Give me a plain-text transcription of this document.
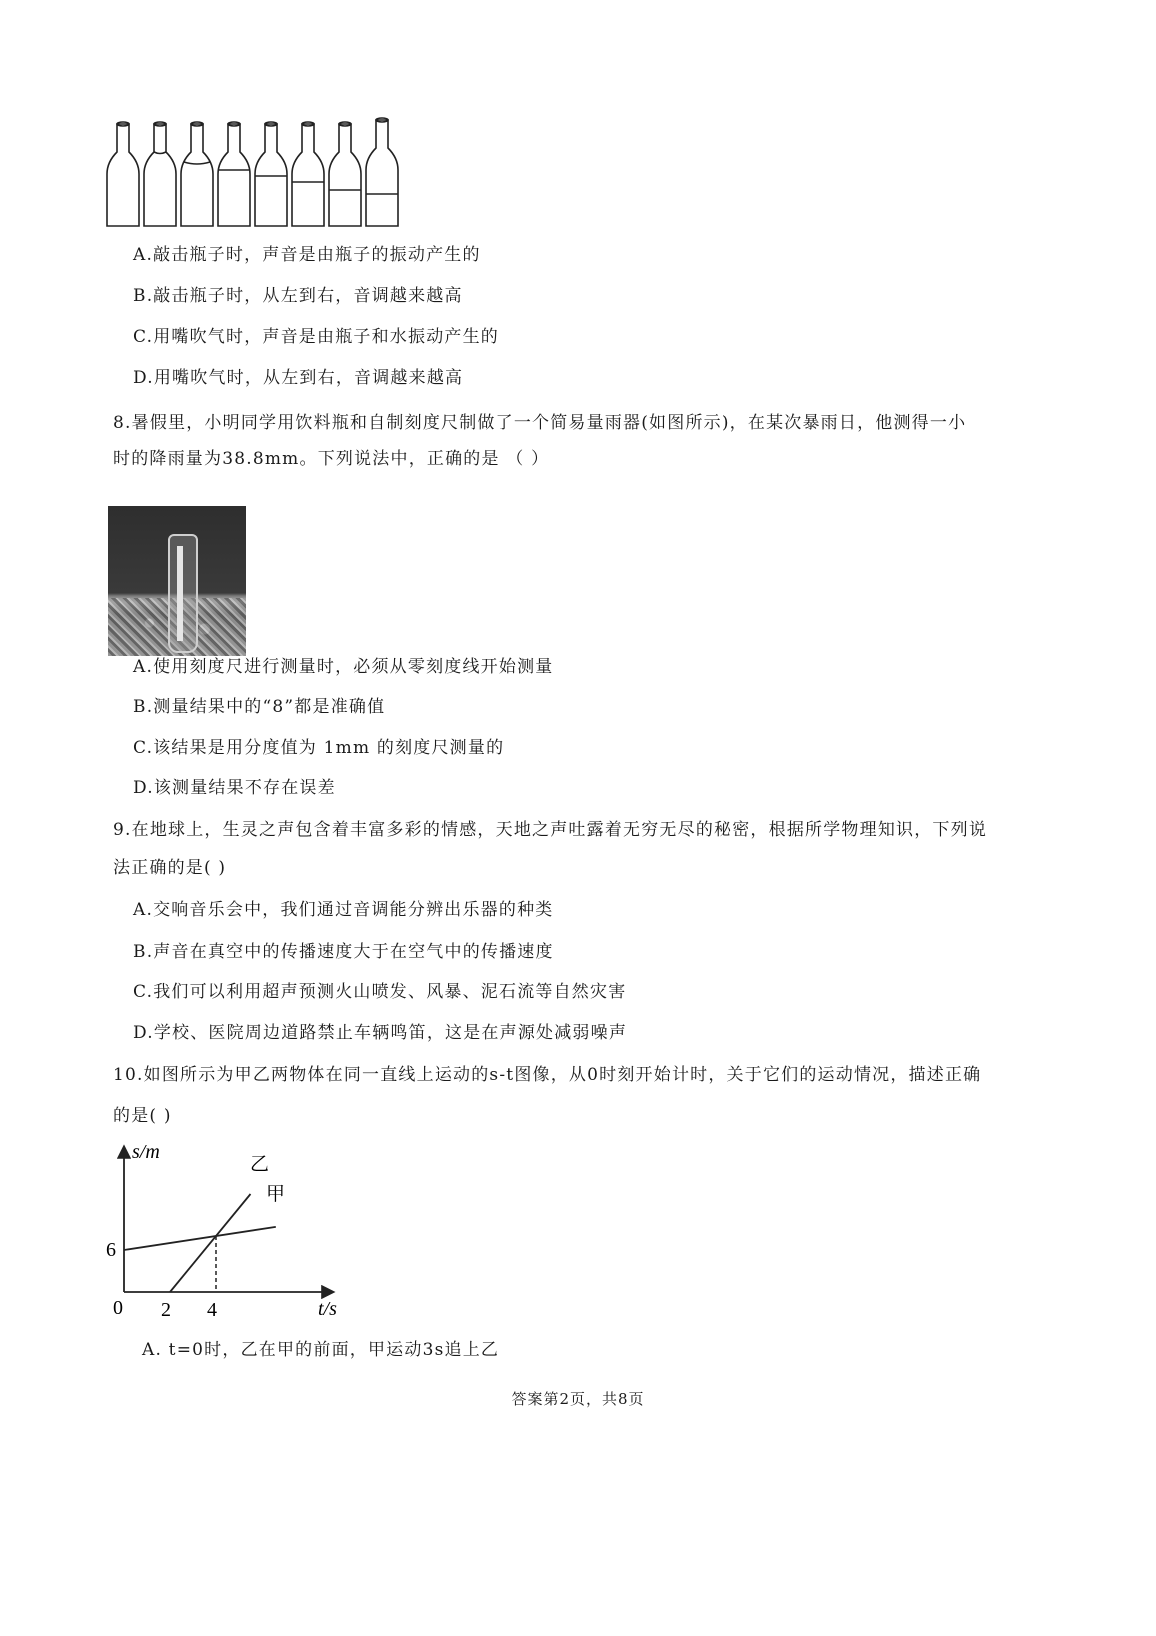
A.敲击瓶子时，声音是由瓶子的振动产生的
B.敲击瓶子时，从左到右，音调越来越高
C.用嘴吹气时，声音是由瓶子和水振动产生的
D.用嘴吹气时，从左到右，音调越来越高
8.暑假里，小明同学用饮料瓶和自制刻度尺制做了一个简易量雨器(如图所示)，在某次暴雨日，他测得一小
时的降雨量为38.8mm。下列说法中，正确的是 （ ）
A.使用刻度尺进行测量时，必须从零刻度线开始测量
B.测量结果中的“8”都是准确值
C.该结果是用分度值为 1mm 的刻度尺测量的
D.该测量结果不存在误差
9.在地球上，生灵之声包含着丰富多彩的情感，天地之声吐露着无穷无尽的秘密，根据所学物理知识，下列说
法正确的是( )
A.交响音乐会中，我们通过音调能分辨出乐器的种类
B.声音在真空中的传播速度大于在空气中的传播速度
C.我们可以利用超声预测火山喷发、风暴、泥石流等自然灾害
D.学校、医院周边道路禁止车辆鸣笛，这是在声源处减弱噪声
10.如图所示为甲乙两物体在同一直线上运动的s-t图像，从0时刻开始计时，关于它们的运动情况，描述正确
的是( )
s/m
t/s
0 2 4
6
乙
甲
A. t=0时，乙在甲的前面，甲运动3s追上乙
答案第2页，共8页
